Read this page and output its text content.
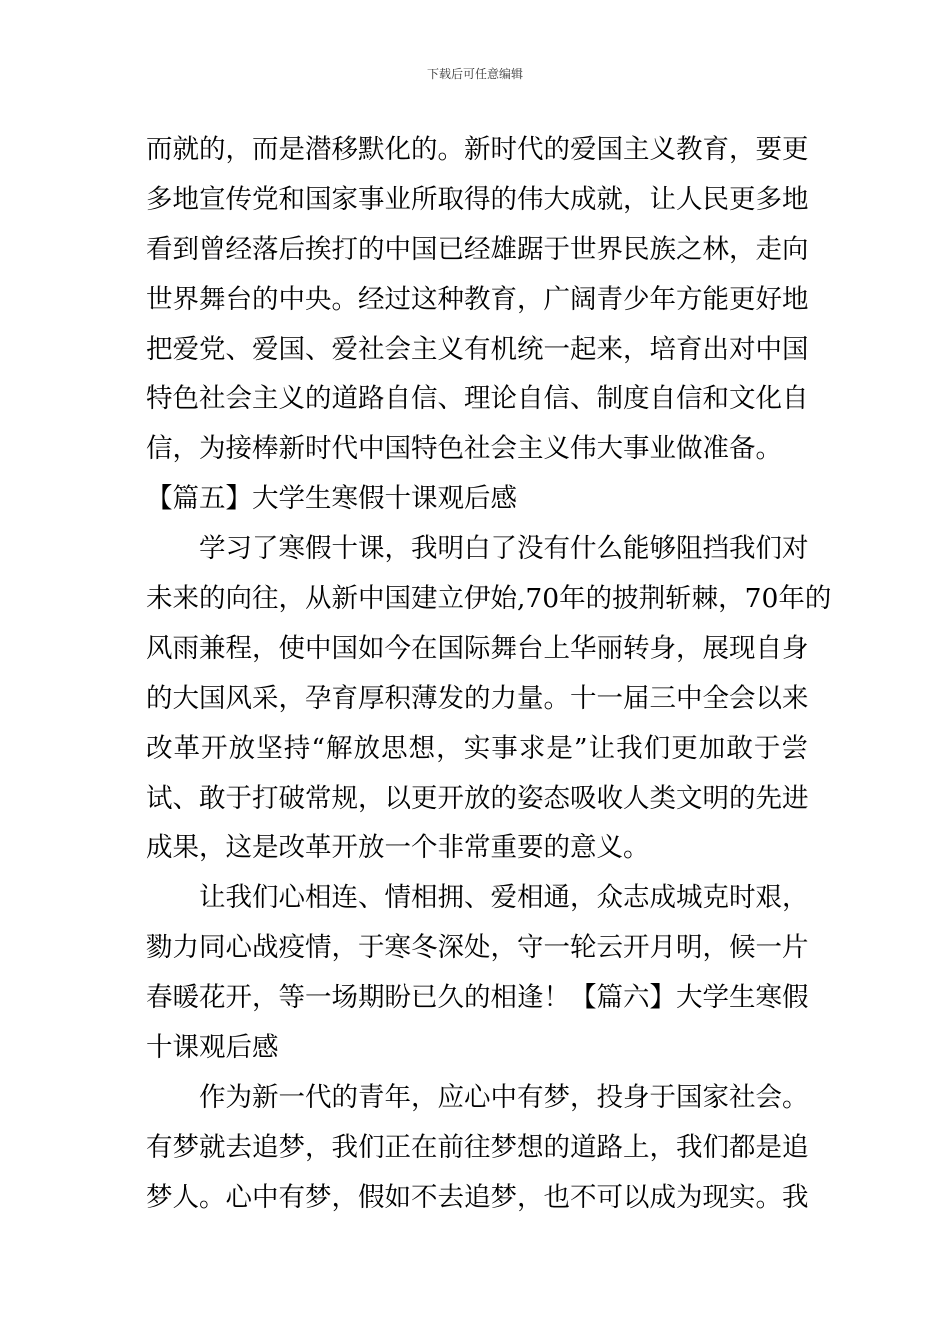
下载后可任意编辑
而就的，而是潜移默化的。新时代的爱国主义教育，要更
多地宣传党和国家事业所取得的伟大成就，让人民更多地
看到曾经落后挨打的中国已经雄踞于世界民族之林，走向
世界舞台的中央。经过这种教育，广阔青少年方能更好地
把爱党、爱国、爱社会主义有机统一起来，培育出对中国
特色社会主义的道路自信、理论自信、制度自信和文化自
信，为接棒新时代中国特色社会主义伟大事业做准备。
【篇五】大学生寒假十课观后感
学习了寒假十课，我明白了没有什么能够阻挡我们对
未来的向往，从新中国建立伊始,70年的披荆斩棘，70年的
风雨兼程，使中国如今在国际舞台上华丽转身，展现自身
的大国风采，孕育厚积薄发的力量。十一届三中全会以来
改革开放坚持“解放思想，实事求是”让我们更加敢于尝
试、敢于打破常规，以更开放的姿态吸收人类文明的先进
成果，这是改革开放一个非常重要的意义。
让我们心相连、情相拥、爱相通，众志成城克时艰，
勠力同心战疫情，于寒冬深处，守一轮云开月明，候一片
春暖花开，等一场期盼已久的相逢！【篇六】大学生寒假
十课观后感
作为新一代的青年，应心中有梦，投身于国家社会。
有梦就去追梦，我们正在前往梦想的道路上，我们都是追
梦人。心中有梦，假如不去追梦，也不可以成为现实。我
